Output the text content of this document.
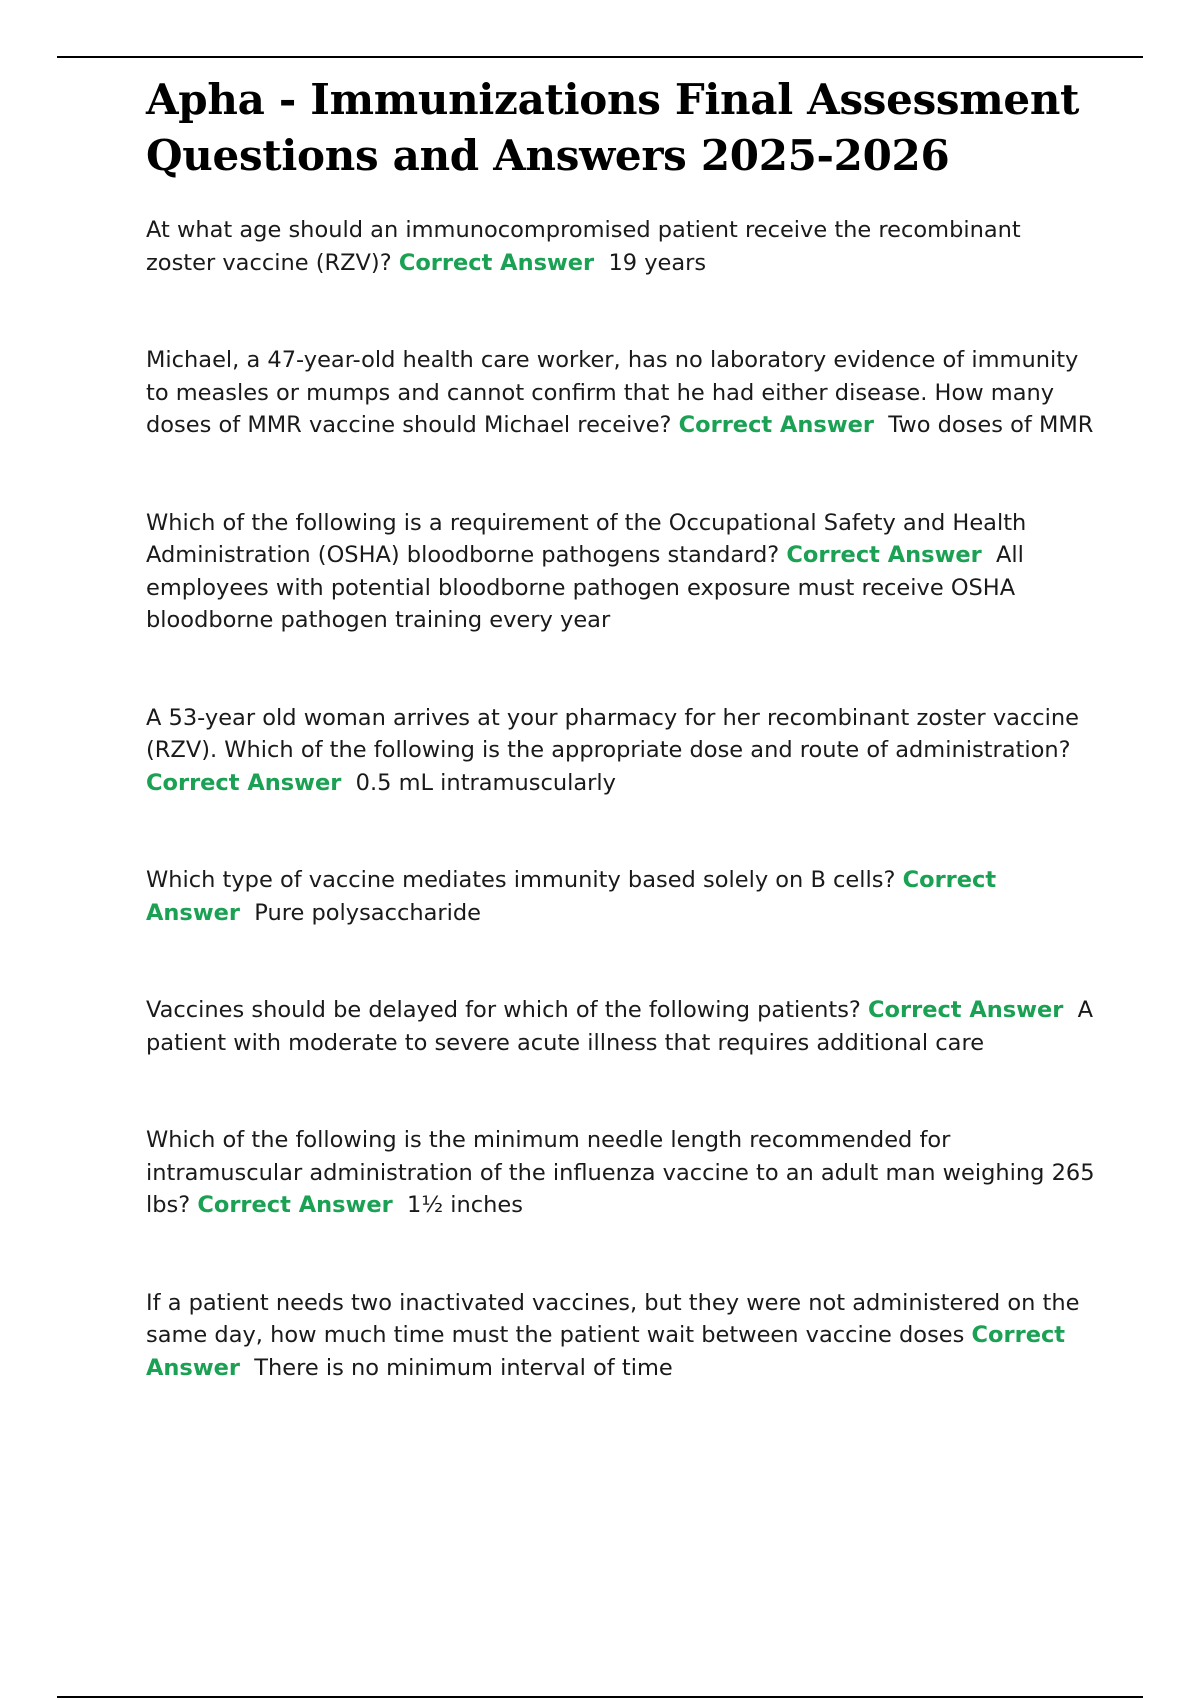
Apha - Immunizations Final Assessment Questions and Answers 2025-2026

At what age should an immunocompromised patient receive the recombinant zoster vaccine (RZV)? Correct Answer 19 years

Michael, a 47-year-old health care worker, has no laboratory evidence of immunity to measles or mumps and cannot confirm that he had either disease. How many doses of MMR vaccine should Michael receive? Correct Answer Two doses of MMR

Which of the following is a requirement of the Occupational Safety and Health Administration (OSHA) bloodborne pathogens standard? Correct Answer All employees with potential bloodborne pathogen exposure must receive OSHA bloodborne pathogen training every year

A 53-year old woman arrives at your pharmacy for her recombinant zoster vaccine (RZV). Which of the following is the appropriate dose and route of administration? Correct Answer 0.5 mL intramuscularly

Which type of vaccine mediates immunity based solely on B cells? Correct Answer Pure polysaccharide

Vaccines should be delayed for which of the following patients? Correct Answer A patient with moderate to severe acute illness that requires additional care

Which of the following is the minimum needle length recommended for intramuscular administration of the influenza vaccine to an adult man weighing 265 lbs? Correct Answer 1½ inches

If a patient needs two inactivated vaccines, but they were not administered on the same day, how much time must the patient wait between vaccine doses Correct Answer There is no minimum interval of time
